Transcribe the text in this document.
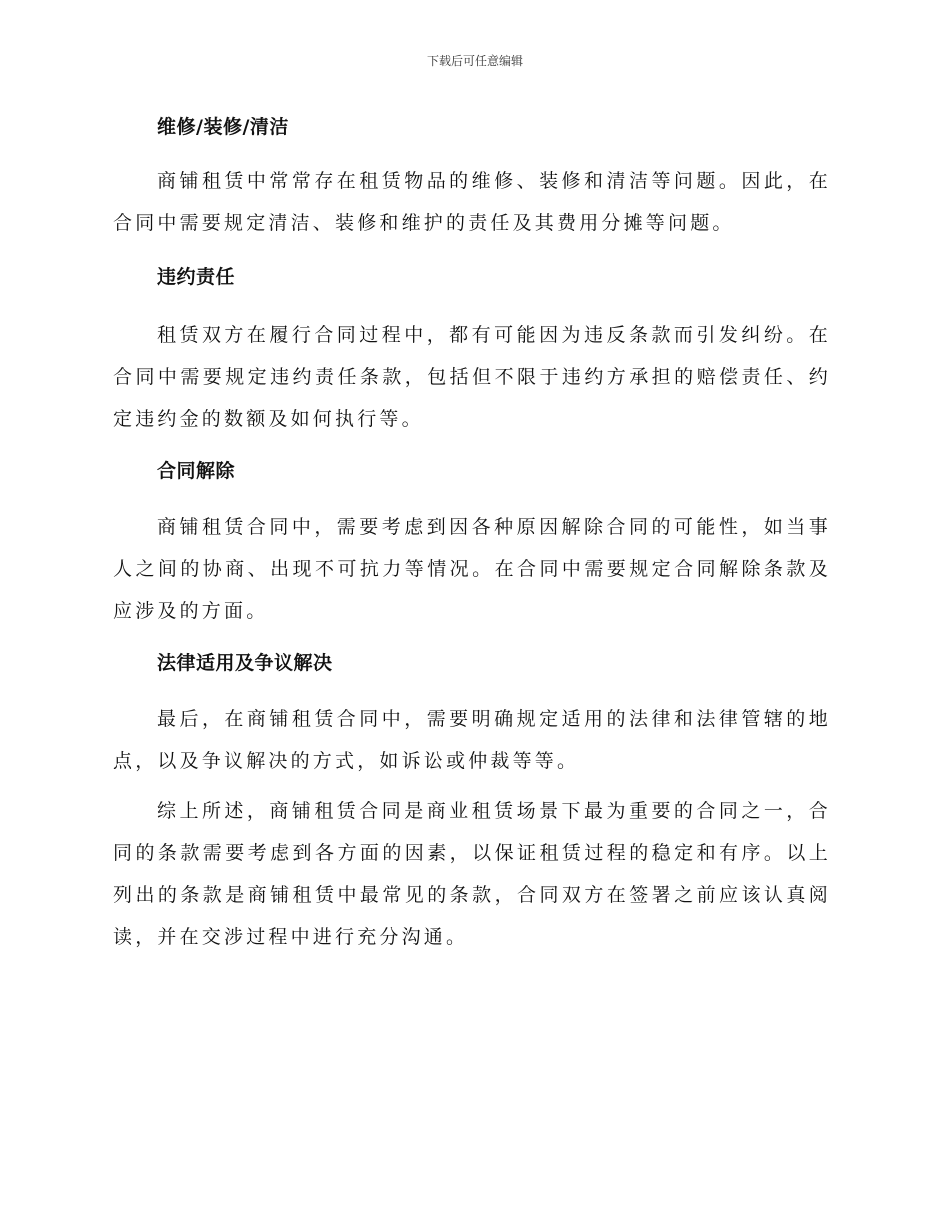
下载后可任意编辑
维修/装修/清洁

商铺租赁中常常存在租赁物品的维修、装修和清洁等问题。因此，在合同中需要规定清洁、装修和维护的责任及其费用分摊等问题。

违约责任

租赁双方在履行合同过程中，都有可能因为违反条款而引发纠纷。在合同中需要规定违约责任条款，包括但不限于违约方承担的赔偿责任、约定违约金的数额及如何执行等。

合同解除

商铺租赁合同中，需要考虑到因各种原因解除合同的可能性，如当事人之间的协商、出现不可抗力等情况。在合同中需要规定合同解除条款及应涉及的方面。

法律适用及争议解决

最后，在商铺租赁合同中，需要明确规定适用的法律和法律管辖的地点，以及争议解决的方式，如诉讼或仲裁等等。

综上所述，商铺租赁合同是商业租赁场景下最为重要的合同之一，合同的条款需要考虑到各方面的因素，以保证租赁过程的稳定和有序。以上列出的条款是商铺租赁中最常见的条款，合同双方在签署之前应该认真阅读，并在交涉过程中进行充分沟通。
